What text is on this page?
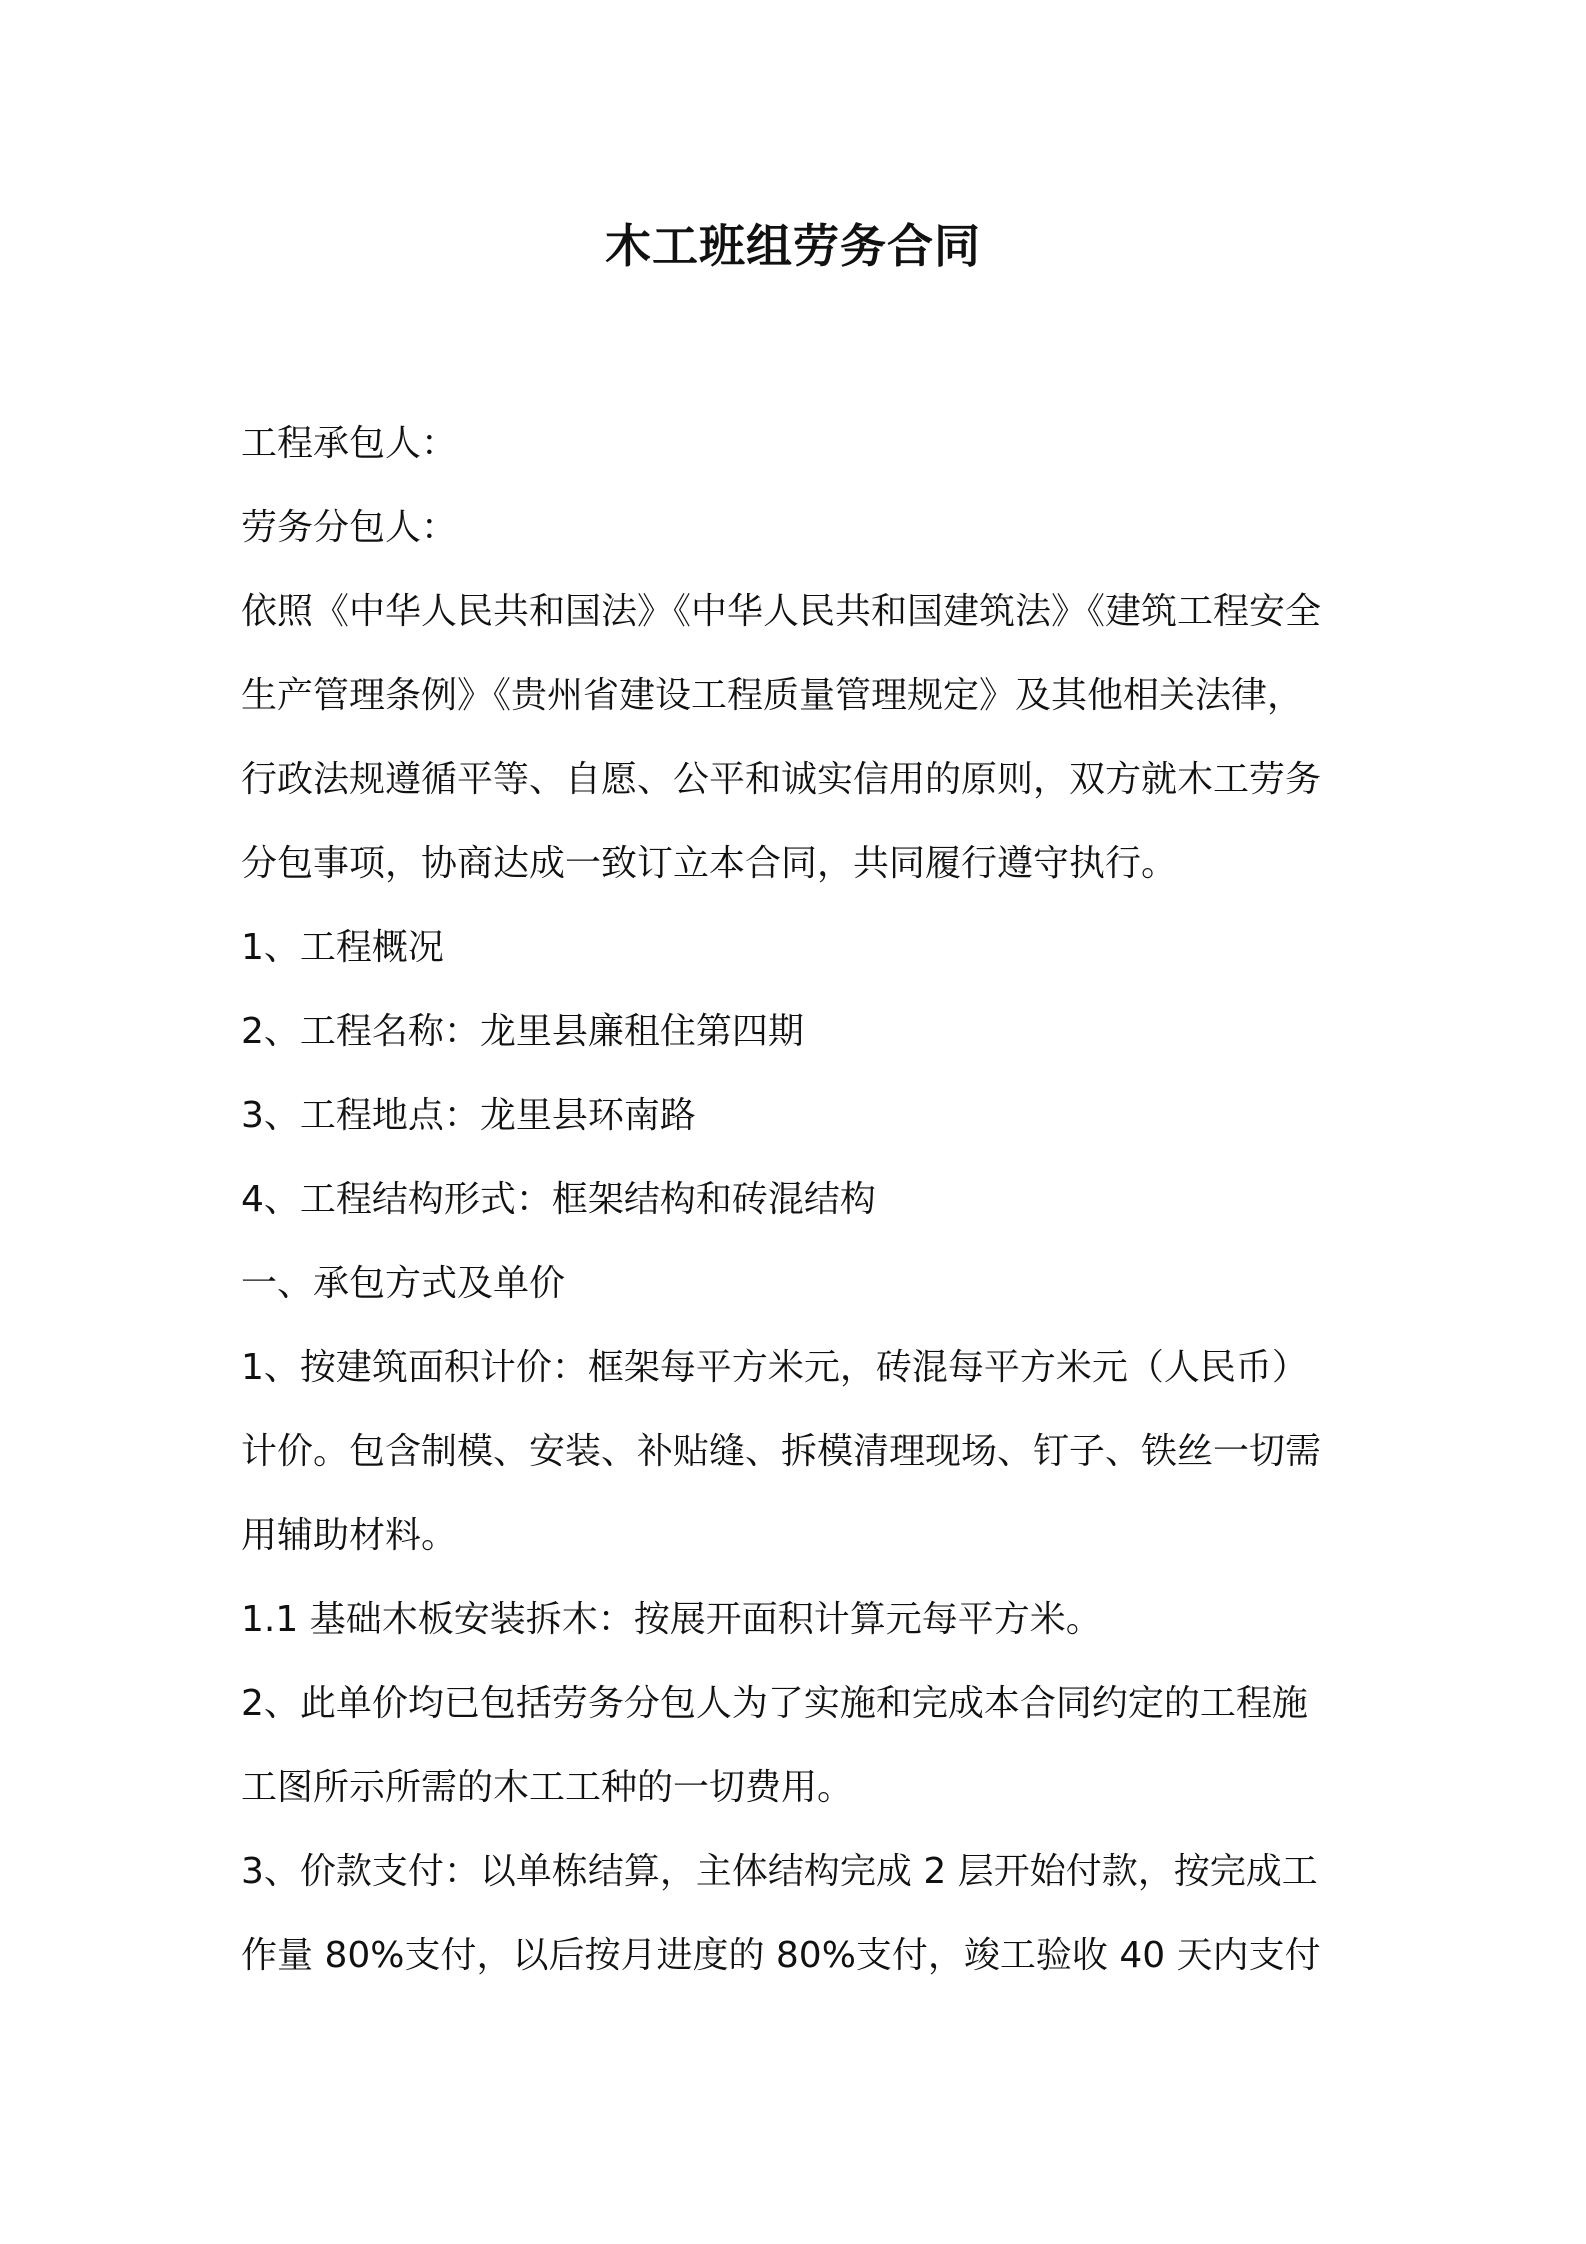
木工班组劳务合同
工程承包人：
劳务分包人：
依照《中华人民共和国法》《中华人民共和国建筑法》《建筑工程安全
生产管理条例》《贵州省建设工程质量管理规定》及其他相关法律，
行政法规遵循平等、自愿、公平和诚实信用的原则，双方就木工劳务
分包事项，协商达成一致订立本合同，共同履行遵守执行。
1、工程概况
2、工程名称：龙里县廉租住第四期
3、工程地点：龙里县环南路
4、工程结构形式：框架结构和砖混结构
一、承包方式及单价
1、按建筑面积计价：框架每平方米元，砖混每平方米元（人民币）
计价。包含制模、安装、补贴缝、拆模清理现场、钉子、铁丝一切需
用辅助材料。
1.1 基础木板安装拆木：按展开面积计算元每平方米。
2、此单价均已包括劳务分包人为了实施和完成本合同约定的工程施
工图所示所需的木工工种的一切费用。
3、价款支付：以单栋结算，主体结构完成 2 层开始付款，按完成工
作量 80%支付，以后按月进度的 80%支付，竣工验收 40 天内支付
